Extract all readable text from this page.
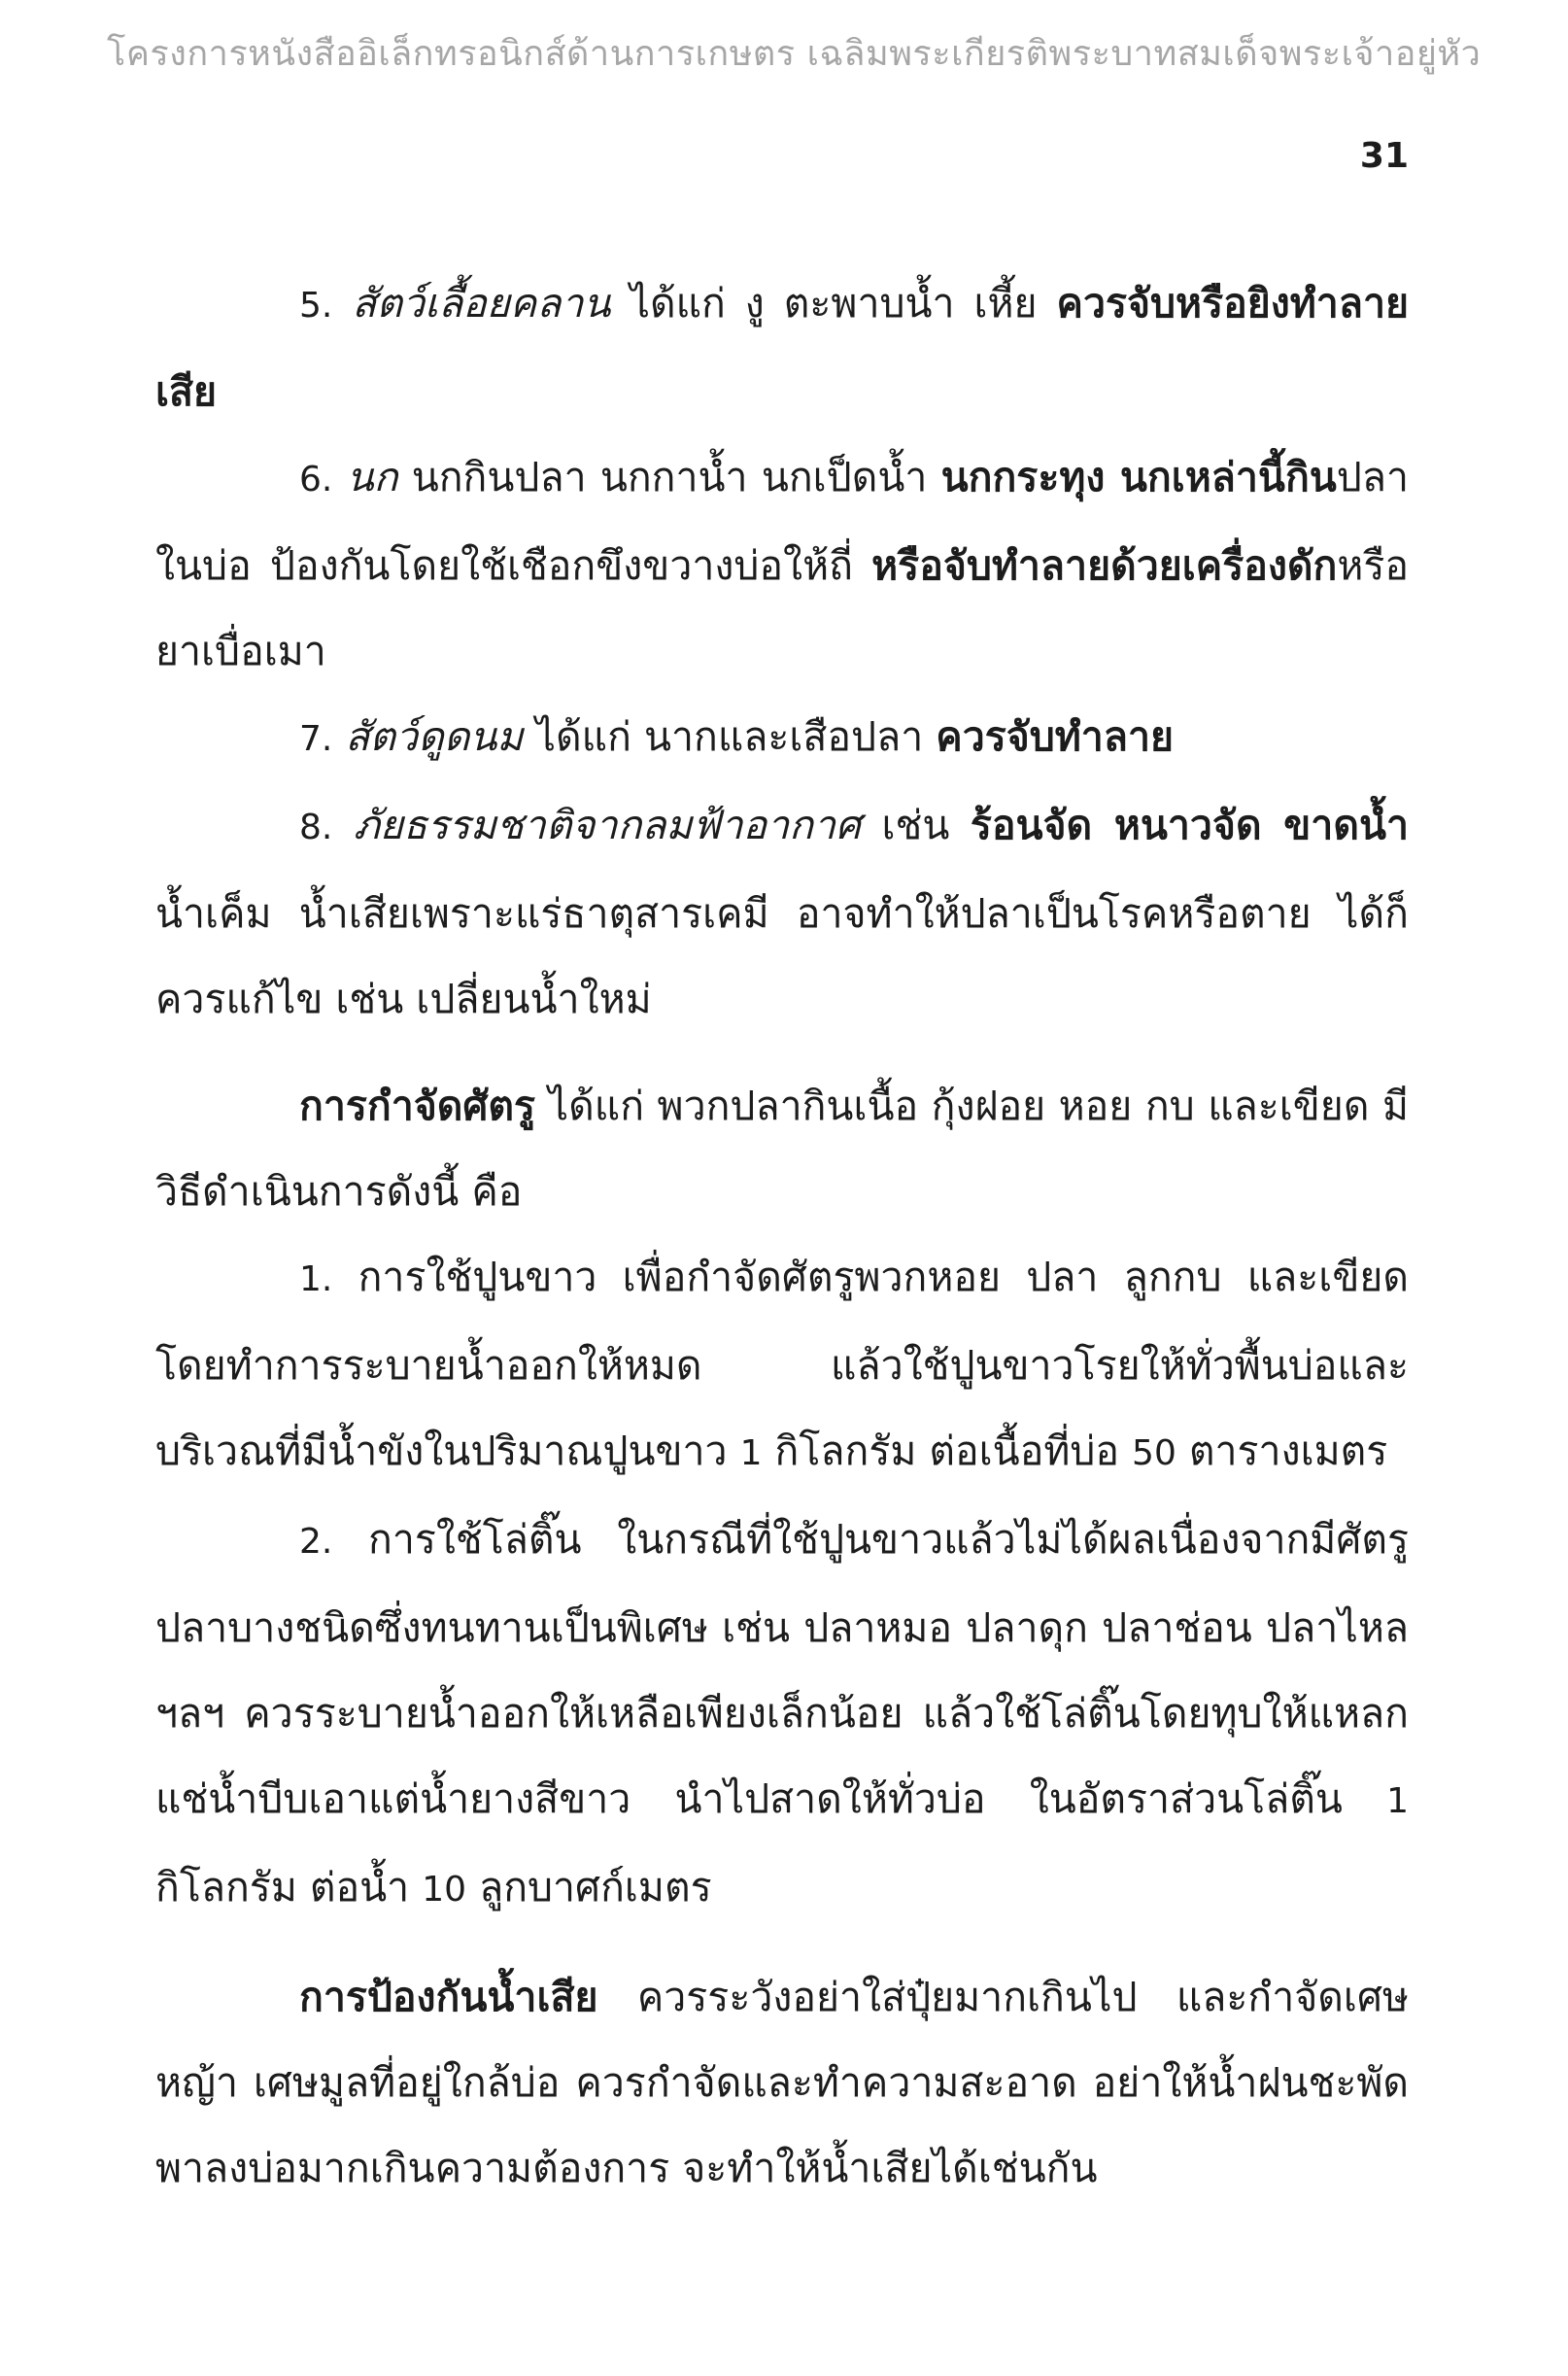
โครงการหนังสืออิเล็กทรอนิกส์ด้านการเกษตร เฉลิมพระเกียรติพระบาทสมเด็จพระเจ้าอยู่หัว
31

5. สัตว์เลื้อยคลาน ได้แก่ งู ตะพาบน้ำ เหี้ย ควรจับหรือยิงทำลายเสีย

6. นก นกกินปลา นกกาน้ำ นกเป็ดน้ำ นกกระทุง นกเหล่านี้กินปลาในบ่อ ป้องกันโดยใช้เชือกขึงขวางบ่อให้ถี่ หรือจับทำลายด้วยเครื่องดักหรือยาเบื่อเมา

7. สัตว์ดูดนม ได้แก่ นากและเสือปลา ควรจับทำลาย

8. ภัยธรรมชาติจากลมฟ้าอากาศ เช่น ร้อนจัด หนาวจัด ขาดน้ำ น้ำเค็ม น้ำเสียเพราะแร่ธาตุสารเคมี อาจทำให้ปลาเป็นโรคหรือตาย ได้ก็ควรแก้ไข เช่น เปลี่ยนน้ำใหม่

การกำจัดศัตรู ได้แก่ พวกปลากินเนื้อ กุ้งฝอย หอย กบ และเขียด มีวิธีดำเนินการดังนี้ คือ

1. การใช้ปูนขาว เพื่อกำจัดศัตรูพวกหอย ปลา ลูกกบ และเขียด โดยทำการระบายน้ำออกให้หมด แล้วใช้ปูนขาวโรยให้ทั่วพื้นบ่อและบริเวณที่มีน้ำขังในปริมาณปูนขาว 1 กิโลกรัม ต่อเนื้อที่บ่อ 50 ตารางเมตร

2. การใช้โล่ติ๊น ในกรณีที่ใช้ปูนขาวแล้วไม่ได้ผลเนื่องจากมีศัตรูปลาบางชนิดซึ่งทนทานเป็นพิเศษ เช่น ปลาหมอ ปลาดุก ปลาช่อน ปลาไหล ฯลฯ ควรระบายน้ำออกให้เหลือเพียงเล็กน้อย แล้วใช้โล่ติ๊นโดยทุบให้แหลกแช่น้ำบีบเอาแต่น้ำยางสีขาว นำไปสาดให้ทั่วบ่อ ในอัตราส่วนโล่ติ๊น 1 กิโลกรัม ต่อน้ำ 10 ลูกบาศก์เมตร

การป้องกันน้ำเสีย ควรระวังอย่าใส่ปุ๋ยมากเกินไป และกำจัดเศษหญ้า เศษมูลที่อยู่ใกล้บ่อ ควรกำจัดและทำความสะอาด อย่าให้น้ำฝนชะพัดพาลงบ่อมากเกินความต้องการ จะทำให้น้ำเสียได้เช่นกัน
